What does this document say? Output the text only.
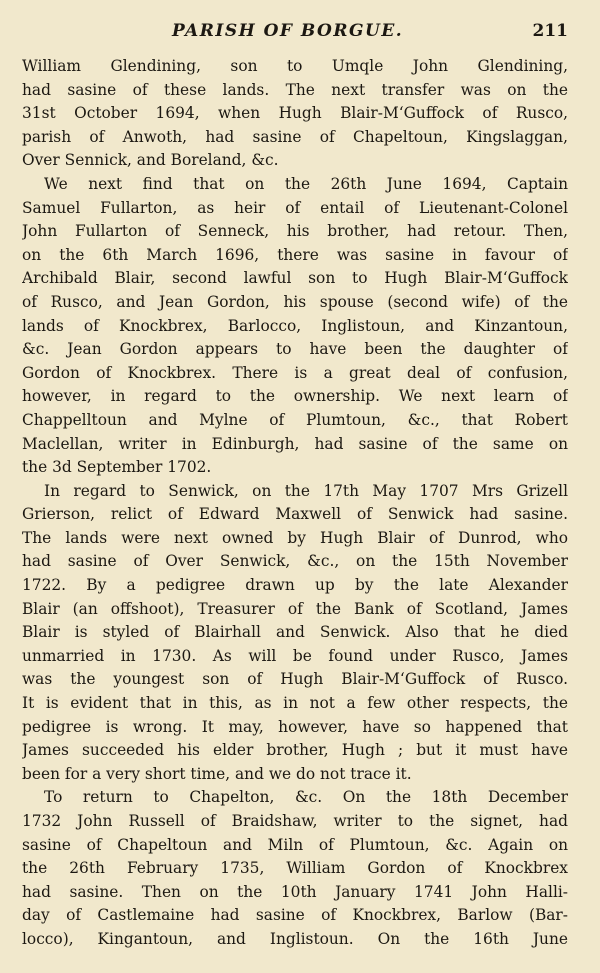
PARISH OF BORGUE.	211
William Glendining, son to Umqle John Glendining,
had sasine of these lands. The next transfer was on the
31st October 1694, when Hugh Blair-M‘Guffock of Rusco,
parish of Anwoth, had sasine of Chapeltoun, Kingslaggan,
Over Sennick, and Boreland, &c.
We next find that on the 26th June 1694, Captain
Samuel Fullarton, as heir of entail of Lieutenant-Colonel
John Fullarton of Senneck, his brother, had retour. Then,
on the 6th March 1696, there was sasine in favour of
Archibald Blair, second lawful son to Hugh Blair-M‘Guffock
of Rusco, and Jean Gordon, his spouse (second wife) of the
lands of Knockbrex, Barlocco, Inglistoun, and Kinzantoun,
&c. Jean Gordon appears to have been the daughter of
Gordon of Knockbrex. There is a great deal of confusion,
however, in regard to the ownership. We next learn of
Chappelltoun and Mylne of Plumtoun, &c., that Robert
Maclellan, writer in Edinburgh, had sasine of the same on
the 3d September 1702.
In regard to Senwick, on the 17th May 1707 Mrs Grizell
Grierson, relict of Edward Maxwell of Senwick had sasine.
The lands were next owned by Hugh Blair of Dunrod, who
had sasine of Over Senwick, &c., on the 15th November
1722. By a pedigree drawn up by the late Alexander
Blair (an offshoot), Treasurer of the Bank of Scotland, James
Blair is styled of Blairhall and Senwick. Also that he died
unmarried in 1730. As will be found under Rusco, James
was the youngest son of Hugh Blair-M‘Guffock of Rusco.
It is evident that in this, as in not a few other respects, the
pedigree is wrong. It may, however, have so happened that
James succeeded his elder brother, Hugh ; but it must have
been for a very short time, and we do not trace it.
To return to Chapelton, &c. On the 18th December
1732 John Russell of Braidshaw, writer to the signet, had
sasine of Chapeltoun and Miln of Plumtoun, &c. Again on
the 26th February 1735, William Gordon of Knockbrex
had sasine. Then on the 10th January 1741 John Halli-
day of Castlemaine had sasine of Knockbrex, Barlow (Bar-
locco), Kingantoun, and Inglistoun. On the 16th June
